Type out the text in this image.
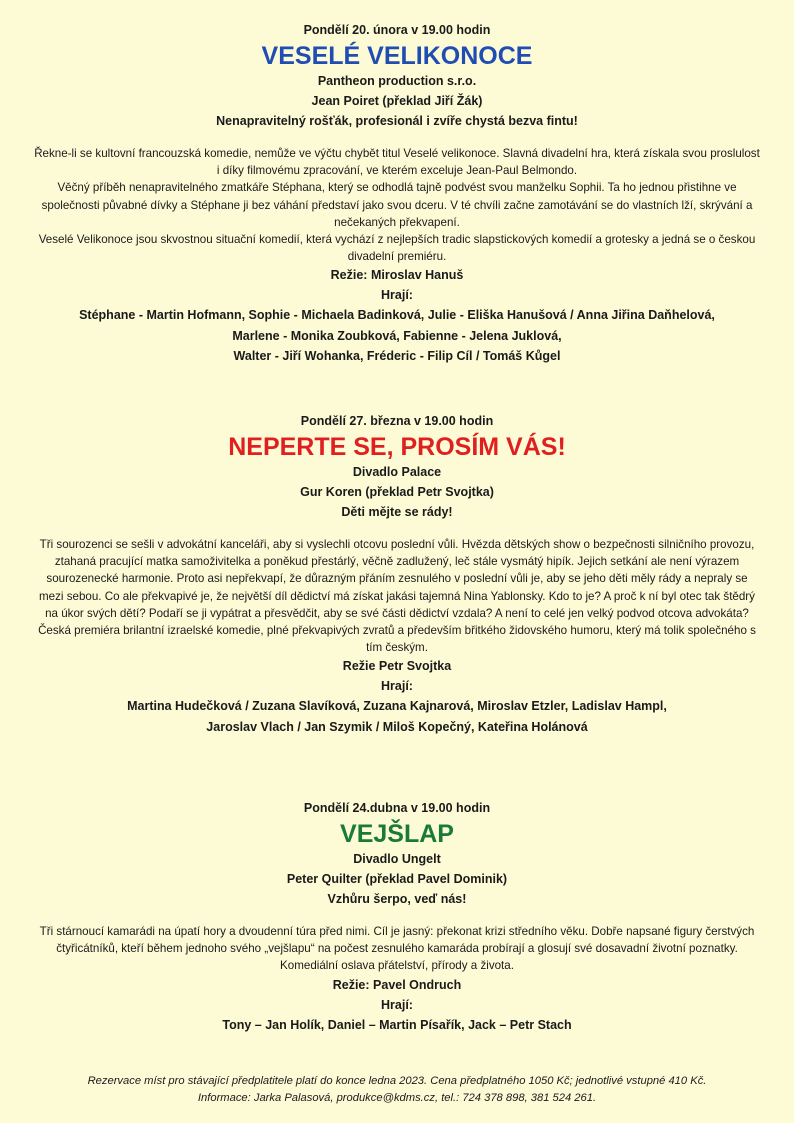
Pondělí 20. února v 19.00 hodin
VESELÉ VELIKONOCE
Pantheon production s.r.o.
Jean Poiret (překlad Jiří Žák)
Nenapravitelný rošťák, profesionál i zvíře chystá bezva fintu!

Řekne-li se kultovní francouzská komedie, nemůže ve výčtu chybět titul Veselé velikonoce. Slavná divadelní hra, která získala svou proslulost i díky filmovému zpracování, ve kterém exceluje Jean-Paul Belmondo.

Věčný příběh nenapravitelného zmatkáře Stéphana, který se odhodlá tajně podvést svou manželku Sophii. Ta ho jednou přistihne ve společnosti půvabné dívky a Stéphane ji bez váhání představí jako svou dceru. V té chvíli začne zamotávání se do vlastních lží, skrývání a nečekaných překvapení.

Veselé Velikonoce jsou skvostnou situační komedií, která vychází z nejlepších tradic slapstickových komedií a grotesky a jedná se o českou divadelní premiéru.

Režie: Miroslav Hanuš
Hrají:
Stéphane - Martin Hofmann, Sophie - Michaela Badinková, Julie - Eliška Hanušová / Anna Jiřina Daňhelová,
Marlene - Monika Zoubková, Fabienne - Jelena Juklová,
Walter - Jiří Wohanka, Fréderic - Filip Cíl / Tomáš Kůgel
Pondělí 27. března v 19.00 hodin
NEPERTE SE, PROSÍM VÁS!
Divadlo Palace
Gur Koren (překlad Petr Svojtka)
Děti mějte se rády!

Tři sourozenci se sešli v advokátní kanceláři, aby si vyslechli otcovu poslední vůli. Hvězda dětských show o bezpečnosti silničního provozu, ztahaná pracující matka samoživitelka a poněkud přestárlý, věčně zadlužený, leč stále vysmátý hipík. Jejich setkání ale není výrazem sourozenecké harmonie. Proto asi nepřekvapí, že důrazným přáním zesnulého v poslední vůli je, aby se jeho děti měly rády a nepraly se mezi sebou. Co ale překvapivé je, že největší díl dědictví má získat jakási tajemná Nina Yablonsky. Kdo to je? A proč k ní byl otec tak štědrý na úkor svých dětí? Podaří se ji vypátrat a přesvědčit, aby se své části dědictví vzdala? A není to celé jen velký podvod otcova advokáta?

Česká premiéra brilantní izraelské komedie, plné překvapivých zvratů a především břitkého židovského humoru, který má tolik společného s tím českým.

Režie Petr Svojtka
Hrají:
Martina Hudečková / Zuzana Slavíková, Zuzana Kajnarová, Miroslav Etzler, Ladislav Hampl,
Jaroslav Vlach / Jan Szymik / Miloš Kopečný, Kateřina Holánová
Pondělí 24.dubna v 19.00 hodin
VEJŠLAP
Divadlo Ungelt
Peter Quilter (překlad Pavel Dominik)
Vzhůru šerpo, veď nás!

Tři stárnoucí kamarádi na úpatí hory a dvoudenní túra před nimi. Cíl je jasný: překonat krizi středního věku. Dobře napsané figury čerstvých čtyřicátníků, kteří během jednoho svého „vejšlapu“ na počest zesnulého kamaráda probírají a glosují své dosavadní životní poznatky.

Komediální oslava přátelství, přírody a života.

Režie: Pavel Ondruch
Hrají:
Tony – Jan Holík, Daniel – Martin Písařík, Jack – Petr Stach
Rezervace míst pro stávající předplatitele platí do konce ledna 2023. Cena předplatného 1050 Kč; jednotlivé vstupné 410 Kč.
Informace: Jarka Palasová, produkce@kdms.cz, tel.: 724 378 898, 381 524 261.
